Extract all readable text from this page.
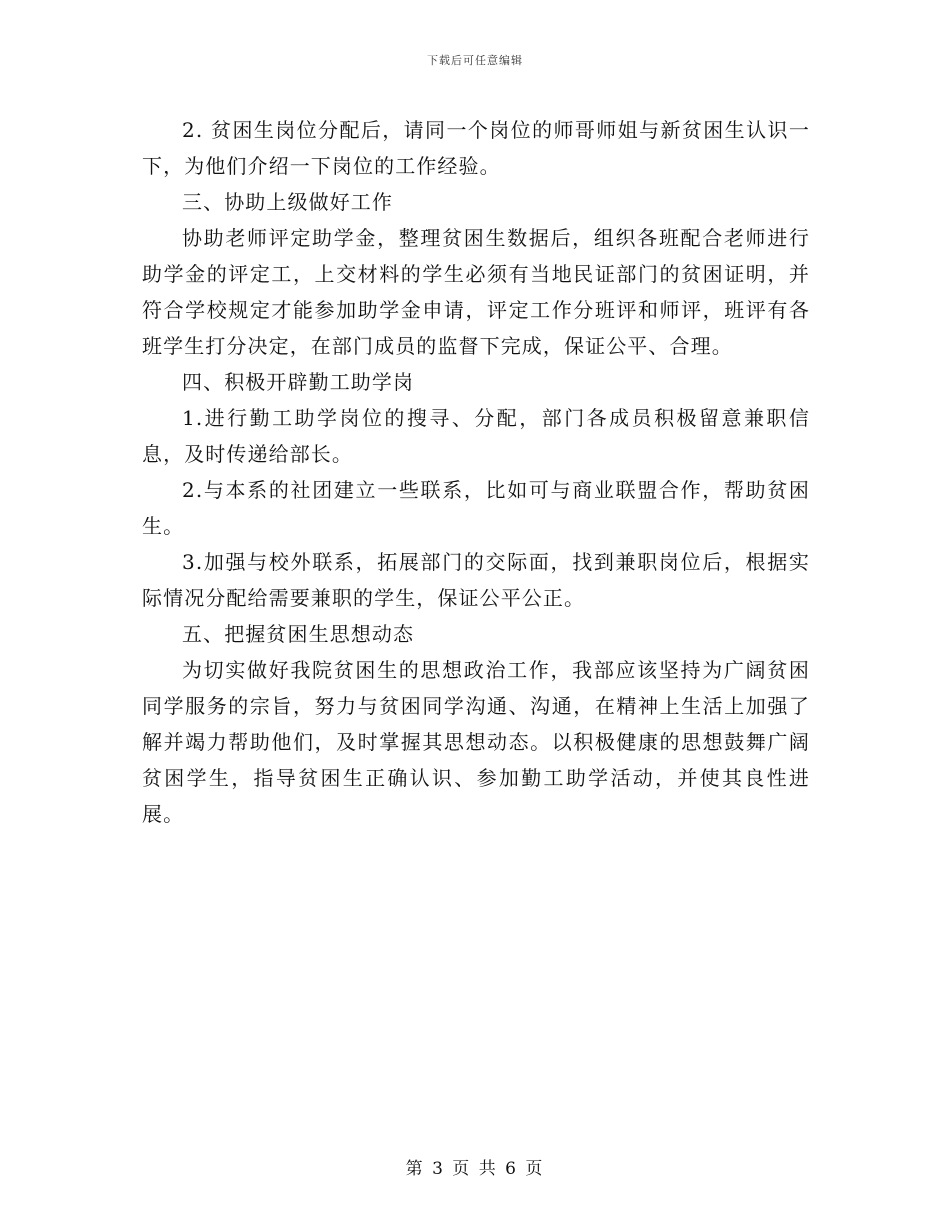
下载后可任意编辑

2. 贫困生岗位分配后，请同一个岗位的师哥师姐与新贫困生认识一下，为他们介绍一下岗位的工作经验。

三、协助上级做好工作

协助老师评定助学金，整理贫困生数据后，组织各班配合老师进行助学金的评定工，上交材料的学生必须有当地民证部门的贫困证明，并符合学校规定才能参加助学金申请，评定工作分班评和师评，班评有各班学生打分决定，在部门成员的监督下完成，保证公平、合理。

四、积极开辟勤工助学岗

1.进行勤工助学岗位的搜寻、分配，部门各成员积极留意兼职信息，及时传递给部长。

2.与本系的社团建立一些联系，比如可与商业联盟合作，帮助贫困生。

3.加强与校外联系，拓展部门的交际面，找到兼职岗位后，根据实际情况分配给需要兼职的学生，保证公平公正。

五、把握贫困生思想动态

为切实做好我院贫困生的思想政治工作，我部应该坚持为广阔贫困同学服务的宗旨，努力与贫困同学沟通、沟通，在精神上生活上加强了解并竭力帮助他们，及时掌握其思想动态。以积极健康的思想鼓舞广阔贫困学生，指导贫困生正确认识、参加勤工助学活动，并使其良性进展。

第 3 页 共 6 页
